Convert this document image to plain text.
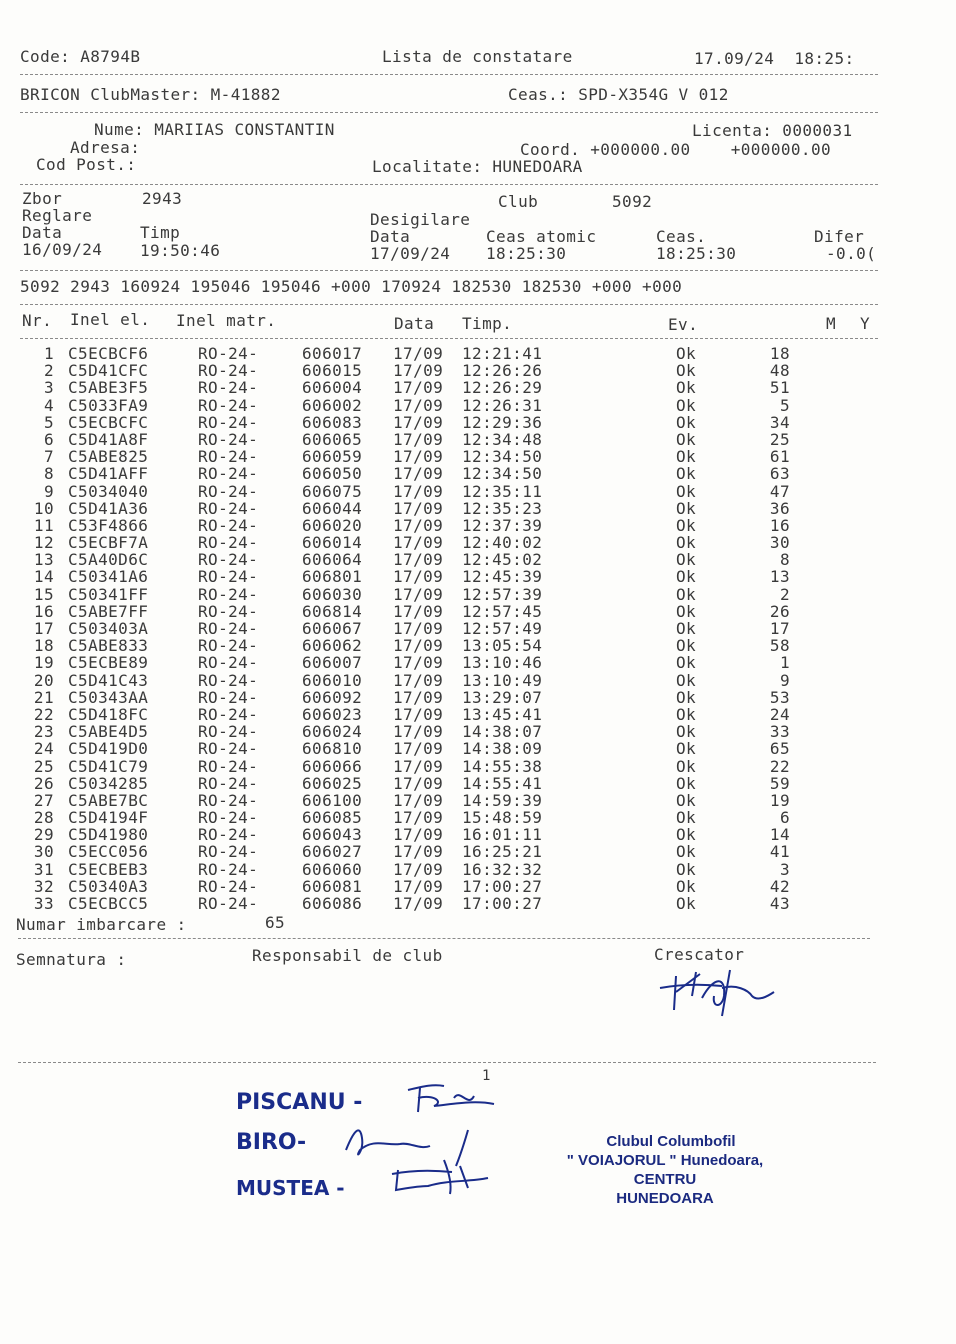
Code: A8794B	Lista de constatare	17.09/24  18:25:
BRICON ClubMaster: M-41882	Ceas.: SPD-X354G V 012
Nume: MARIIAS CONSTANTIN	Licenta: 0000031
Adresa:	Coord. +000000.00    +000000.00
Cod Post.:	Localitate: HUNEDOARA
Zbor	2943	Club	5092
Reglare	Desigilare
Data	Timp	Data	Ceas atomic	Ceas.	Difer
16/09/24 19:50:46	17/09/24 18:25:30	18:25:30	-0.0(
5092 2943 160924 195046 195046 +000 170924 182530 182530 +000 +000
Nr. Inel el. Inel matr.	Data Timp.	Ev.	M Y
1 C5ECBCF6	RO-24-	606017 17/09 12:21:41	Ok	18
2 C5D41CFC	RO-24-	606015 17/09 12:26:26	Ok	48
3 C5ABE3F5	RO-24-	606004 17/09 12:26:29	Ok	51
4 C5033FA9	RO-24-	606002 17/09 12:26:31	Ok	5
5 C5ECBCFC	RO-24-	606083 17/09 12:29:36	Ok	34
6 C5D41A8F	RO-24-	606065 17/09 12:34:48	Ok	25
7 C5ABE825	RO-24-	606059 17/09 12:34:50	Ok	61
8 C5D41AFF	RO-24-	606050 17/09 12:34:50	Ok	63
9 C5034040	RO-24-	606075 17/09 12:35:11	Ok	47
10 C5D41A36	RO-24-	606044 17/09 12:35:23	Ok	36
11 C53F4866	RO-24-	606020 17/09 12:37:39	Ok	16
12 C5ECBF7A	RO-24-	606014 17/09 12:40:02	Ok	30
13 C5A40D6C	RO-24-	606064 17/09 12:45:02	Ok	8
14 C50341A6	RO-24-	606801 17/09 12:45:39	Ok	13
15 C50341FF	RO-24-	606030 17/09 12:57:39	Ok	2
16 C5ABE7FF	RO-24-	606814 17/09 12:57:45	Ok	26
17 C503403A	RO-24-	606067 17/09 12:57:49	Ok	17
18 C5ABE833	RO-24-	606062 17/09 13:05:54	Ok	58
19 C5ECBE89	RO-24-	606007 17/09 13:10:46	Ok	1
20 C5D41C43	RO-24-	606010 17/09 13:10:49	Ok	9
21 C50343AA	RO-24-	606092 17/09 13:29:07	Ok	53
22 C5D418FC	RO-24-	606023 17/09 13:45:41	Ok	24
23 C5ABE4D5	RO-24-	606024 17/09 14:38:07	Ok	33
24 C5D419D0	RO-24-	606810 17/09 14:38:09	Ok	65
25 C5D41C79	RO-24-	606066 17/09 14:55:38	Ok	22
26 C5034285	RO-24-	606025 17/09 14:55:41	Ok	59
27 C5ABE7BC	RO-24-	606100 17/09 14:59:39	Ok	19
28 C5D4194F	RO-24-	606085 17/09 15:48:59	Ok	6
29 C5D41980	RO-24-	606043 17/09 16:01:11	Ok	14
30 C5ECC056	RO-24-	606027 17/09 16:25:21	Ok	41
31 C5ECBEB3	RO-24-	606060 17/09 16:32:32	Ok	3
32 C50340A3	RO-24-	606081 17/09 17:00:27	Ok	42
33 C5ECBCC5	RO-24-	606086 17/09 17:00:27	Ok	43
Numar imbarcare :	65
Semnatura :	Responsabil de club	Crescator
1
PISCANU -
BIRO-
MUSTEA -
Clubul Columbofil
" VOIAJORUL " Hunedoara,
CENTRU
HUNEDOARA
